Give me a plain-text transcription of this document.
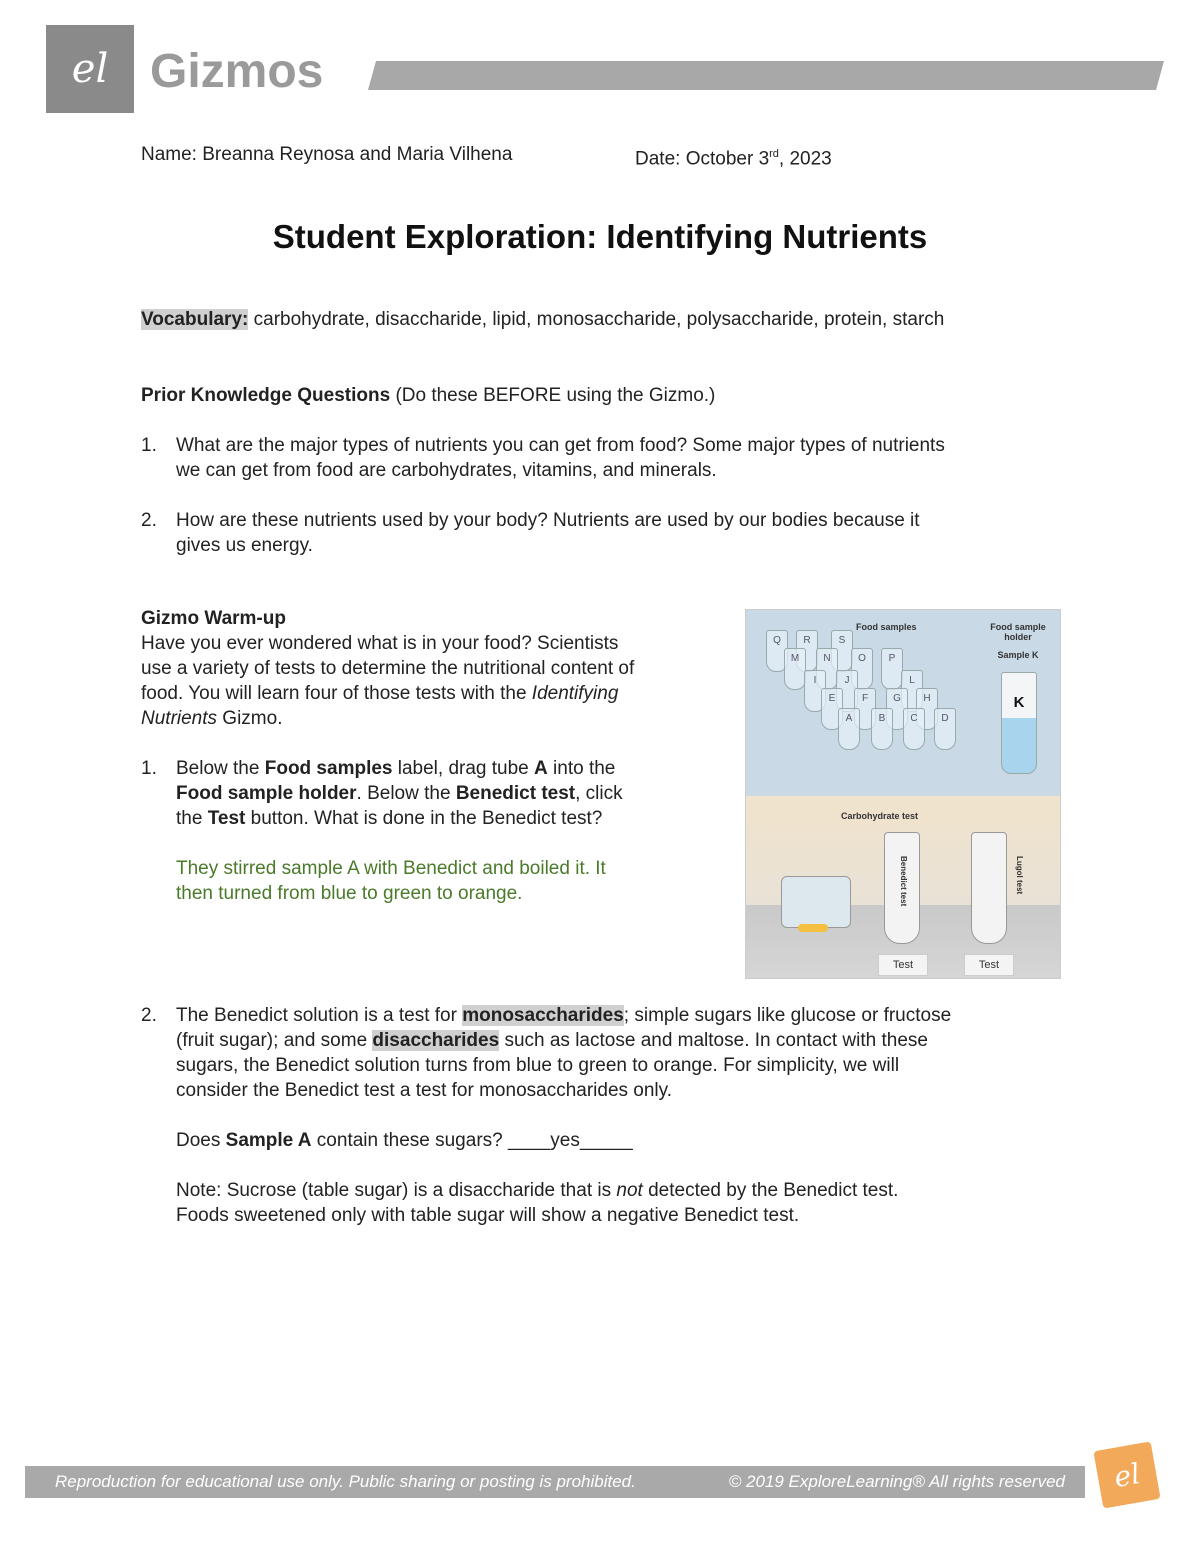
el Gizmos
Name: Breanna Reynosa and Maria Vilhena	Date: October 3rd, 2023
Student Exploration: Identifying Nutrients
Vocabulary: carbohydrate, disaccharide, lipid, monosaccharide, polysaccharide, protein, starch
Prior Knowledge Questions (Do these BEFORE using the Gizmo.)
1. What are the major types of nutrients you can get from food? Some major types of nutrients
we can get from food are carbohydrates, vitamins, and minerals.
2. How are these nutrients used by your body? Nutrients are used by our bodies because it
gives us energy.
Gizmo Warm-up
Have you ever wondered what is in your food? Scientists
use a variety of tests to determine the nutritional content of
food. You will learn four of those tests with the Identifying
Nutrients Gizmo.
1. Below the Food samples label, drag tube A into the
Food sample holder. Below the Benedict test, click
the Test button. What is done in the Benedict test?
They stirred sample A with Benedict and boiled it. It
then turned from blue to green to orange.
Food samples	Food sample holder
Sample K
Q	R	S
M	N	O	P
I	J	L
E	F	G	H
A	B	C	D
K
Carbohydrate test
Benedict test	Lugol test
Test	Test
2. The Benedict solution is a test for monosaccharides; simple sugars like glucose or fructose
(fruit sugar); and some disaccharides such as lactose and maltose. In contact with these
sugars, the Benedict solution turns from blue to green to orange. For simplicity, we will
consider the Benedict test a test for monosaccharides only.
Does Sample A contain these sugars? ____yes_____
Note: Sucrose (table sugar) is a disaccharide that is not detected by the Benedict test.
Foods sweetened only with table sugar will show a negative Benedict test.
Reproduction for educational use only. Public sharing or posting is prohibited.	© 2019 ExploreLearning® All rights reserved el
